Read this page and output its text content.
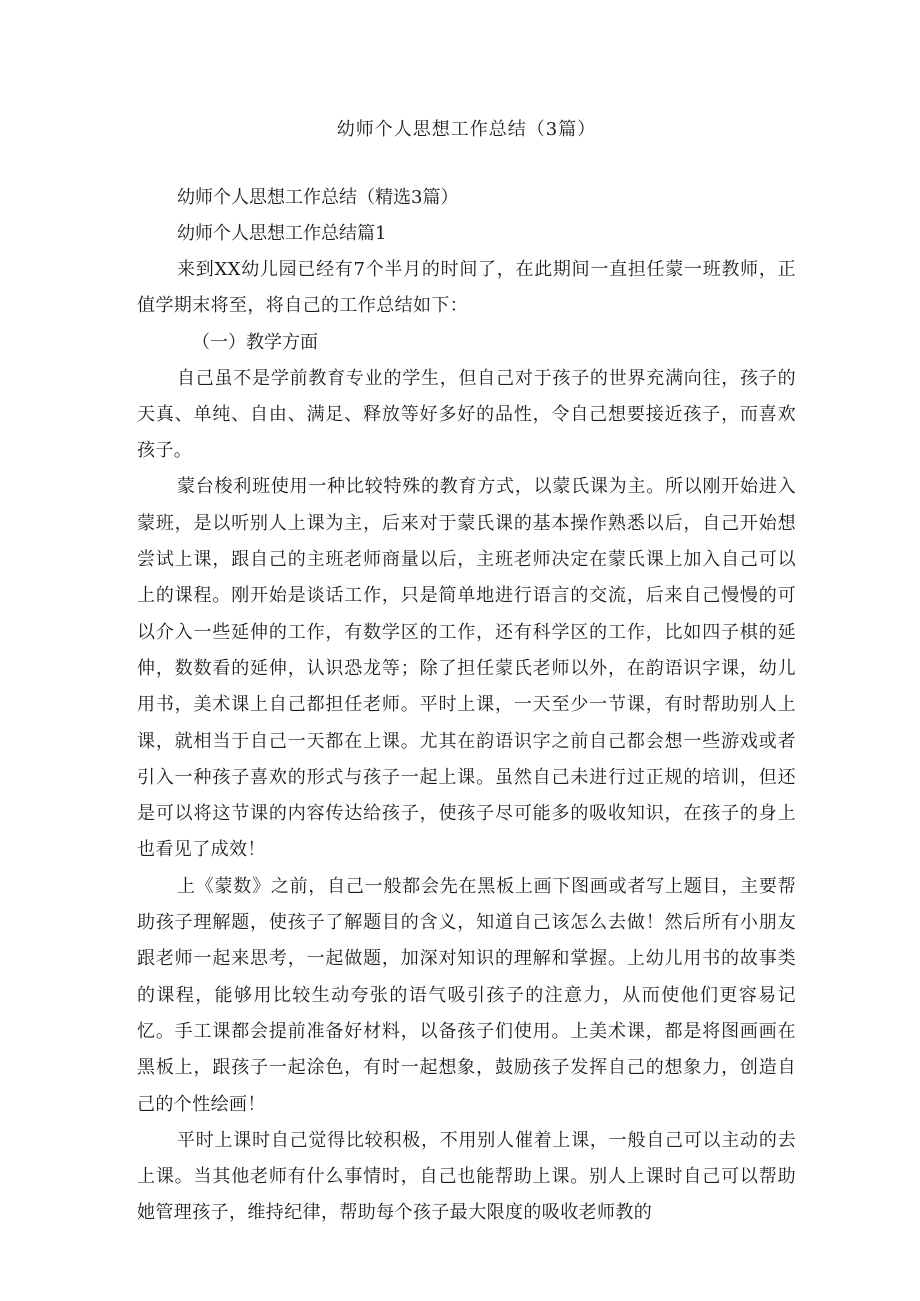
幼师个人思想工作总结（3篇）

幼师个人思想工作总结（精选3篇）

幼师个人思想工作总结篇1

来到XX幼儿园已经有7个半月的时间了，在此期间一直担任蒙一班教师，正值学期末将至，将自己的工作总结如下：

（一）教学方面

自己虽不是学前教育专业的学生，但自己对于孩子的世界充满向往，孩子的天真、单纯、自由、满足、释放等好多好的品性，令自己想要接近孩子，而喜欢孩子。

蒙台梭利班使用一种比较特殊的教育方式，以蒙氏课为主。所以刚开始进入蒙班，是以听别人上课为主，后来对于蒙氏课的基本操作熟悉以后，自己开始想尝试上课，跟自己的主班老师商量以后，主班老师决定在蒙氏课上加入自己可以上的课程。刚开始是谈话工作，只是简单地进行语言的交流，后来自己慢慢的可以介入一些延伸的工作，有数学区的工作，还有科学区的工作，比如四子棋的延伸，数数看的延伸，认识恐龙等；除了担任蒙氏老师以外，在韵语识字课，幼儿用书，美术课上自己都担任老师。平时上课，一天至少一节课，有时帮助别人上课，就相当于自己一天都在上课。尤其在韵语识字之前自己都会想一些游戏或者引入一种孩子喜欢的形式与孩子一起上课。虽然自己未进行过正规的培训，但还是可以将这节课的内容传达给孩子，使孩子尽可能多的吸收知识，在孩子的身上也看见了成效！

上《蒙数》之前，自己一般都会先在黑板上画下图画或者写上题目，主要帮助孩子理解题，使孩子了解题目的含义，知道自己该怎么去做！然后所有小朋友跟老师一起来思考，一起做题，加深对知识的理解和掌握。上幼儿用书的故事类的课程，能够用比较生动夸张的语气吸引孩子的注意力，从而使他们更容易记忆。手工课都会提前准备好材料，以备孩子们使用。上美术课，都是将图画画在黑板上，跟孩子一起涂色，有时一起想象，鼓励孩子发挥自己的想象力，创造自己的个性绘画！

平时上课时自己觉得比较积极，不用别人催着上课，一般自己可以主动的去上课。当其他老师有什么事情时，自己也能帮助上课。别人上课时自己可以帮助她管理孩子，维持纪律，帮助每个孩子最大限度的吸收老师教的
